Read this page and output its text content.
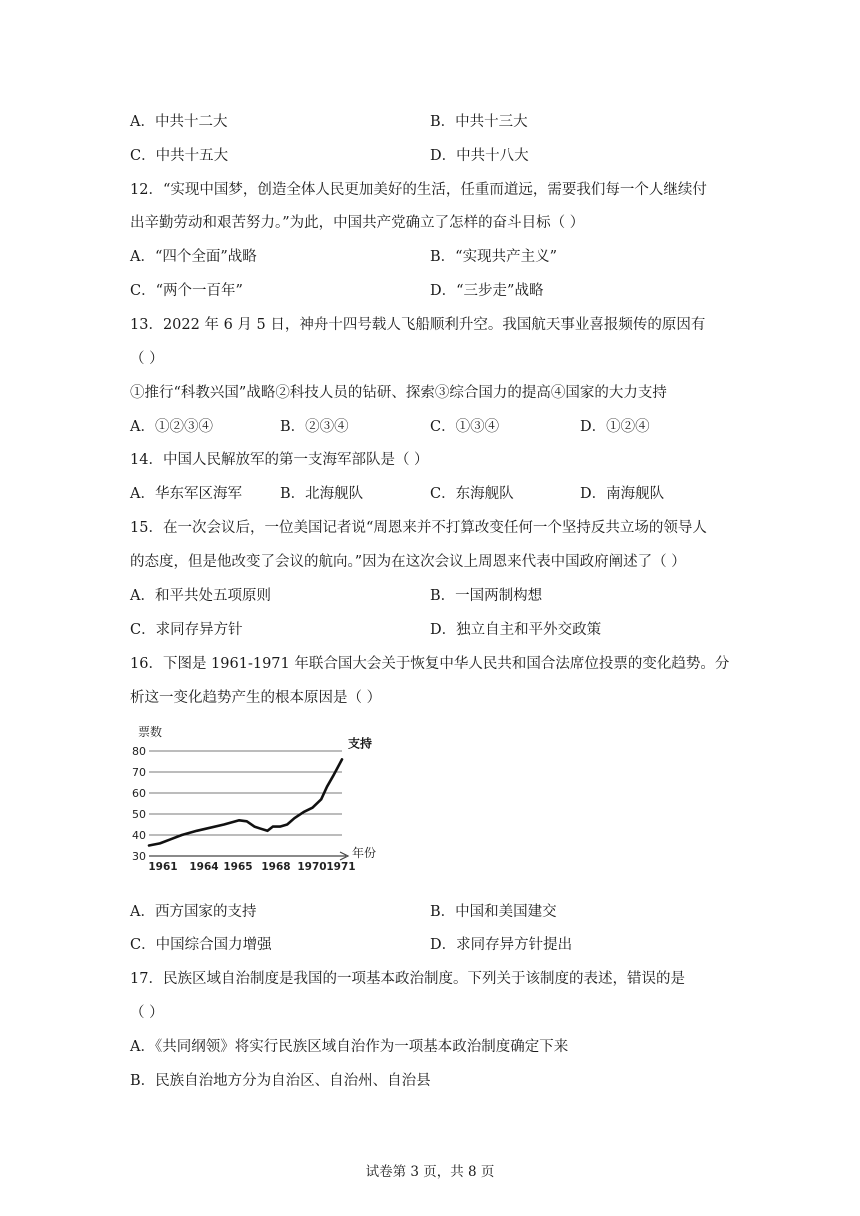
A．中共十二大	B．中共十三大
C．中共十五大	D．中共十八大
12．“实现中国梦，创造全体人民更加美好的生活，任重而道远，需要我们每一个人继续付
出辛勤劳动和艰苦努力。”为此，中国共产党确立了怎样的奋斗目标（ ）
A．“四个全面”战略	B．“实现共产主义”
C．“两个一百年”	D．“三步走”战略
13．2022 年 6 月 5 日，神舟十四号载人飞船顺利升空。我国航天事业喜报频传的原因有
（ ）
①推行“科教兴国”战略②科技人员的钻研、探索③综合国力的提高④国家的大力支持
A．①②③④	B．②③④	C．①③④	D．①②④
14．中国人民解放军的第一支海军部队是（ ）
A．华东军区海军	B．北海舰队	C．东海舰队	D．南海舰队
15．在一次会议后，一位美国记者说“周恩来并不打算改变任何一个坚持反共立场的领导人
的态度，但是他改变了会议的航向。”因为在这次会议上周恩来代表中国政府阐述了（ ）
A．和平共处五项原则	B．一国两制构想
C．求同存异方针	D．独立自主和平外交政策
16．下图是 1961-1971 年联合国大会关于恢复中华人民共和国合法席位投票的变化趋势。分
析这一变化趋势产生的根本原因是（ ）
票数
年份
80
70
60
50
40
30
1961 1964 1965 1968 1970 1971
支持
A．西方国家的支持	B．中国和美国建交
C．中国综合国力增强	D．求同存异方针提出
17．民族区域自治制度是我国的一项基本政治制度。下列关于该制度的表述，错误的是
（ ）
A．《共同纲领》将实行民族区域自治作为一项基本政治制度确定下来
B．民族自治地方分为自治区、自治州、自治县
试卷第 3 页，共 8 页
